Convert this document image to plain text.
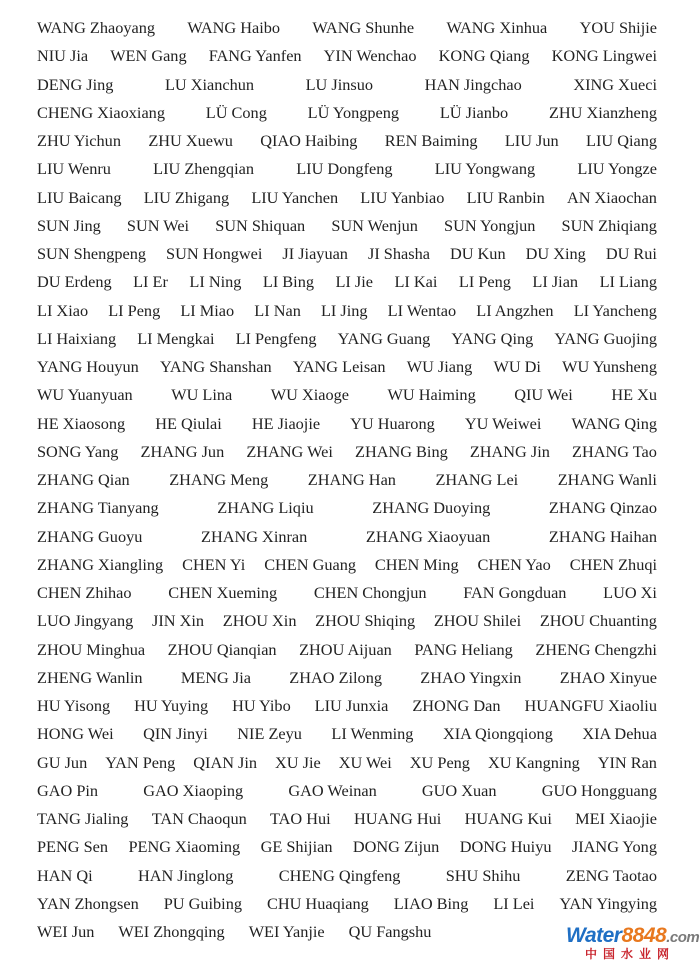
WANG Zhaoyang WANG Haibo WANG Shunhe WANG Xinhua YOU Shijie
NIU Jia WEN Gang FANG Yanfen YIN Wenchao KONG Qiang KONG Lingwei
DENG Jing	LU Xianchun	LU Jinsuo	HAN Jingchao	XING Xueci
CHENG Xiaoxiang	LÜ Cong	LÜ Yongpeng	LÜ Jianbo	ZHU Xianzheng
ZHU Yichun ZHU Xuewu QIAO Haibing REN Baiming LIU Jun LIU Qiang
LIU Wenru	LIU Zhengqian	LIU Dongfeng	LIU Yongwang	LIU Yongze
LIU Baicang LIU Zhigang LIU Yanchen LIU Yanbiao LIU Ranbin AN Xiaochan
SUN Jing SUN Wei SUN Shiquan SUN Wenjun SUN Yongjun SUN Zhiqiang
SUN Shengpeng SUN Hongwei JI Jiayuan JI Shasha DU Kun DU Xing DU Rui
DU Erdeng LI Er LI Ning LI Bing LI Jie LI Kai LI Peng LI Jian LI Liang
LI Xiao LI Peng LI Miao LI Nan LI Jing LI Wentao LI Angzhen LI Yancheng
LI Haixiang LI Mengkai LI Pengfeng YANG Guang YANG Qing YANG Guojing
YANG Houyun YANG Shanshan YANG Leisan WU Jiang WU Di WU Yunsheng
WU Yuanyuan WU Lina WU Xiaoge WU Haiming QIU Wei HE Xu
HE Xiaosong HE Qiulai HE Jiaojie YU Huarong YU Weiwei WANG Qing
SONG Yang ZHANG Jun ZHANG Wei ZHANG Bing ZHANG Jin ZHANG Tao
ZHANG Qian ZHANG Meng ZHANG Han ZHANG Lei ZHANG Wanli
ZHANG Tianyang	ZHANG Liqiu	ZHANG Duoying	ZHANG Qinzao
ZHANG Guoyu	ZHANG Xinran	ZHANG Xiaoyuan	ZHANG Haihan
ZHANG Xiangling CHEN Yi CHEN Guang CHEN Ming CHEN Yao CHEN Zhuqi
CHEN Zhihao CHEN Xueming CHEN Chongjun FAN Gongduan LUO Xi
LUO Jingyang JIN Xin ZHOU Xin ZHOU Shiqing ZHOU Shilei ZHOU Chuanting
ZHOU Minghua ZHOU Qianqian ZHOU Aijuan PANG Heliang ZHENG Chengzhi
ZHENG Wanlin MENG Jia ZHAO Zilong ZHAO Yingxin ZHAO Xinyue
HU Yisong HU Yuying HU Yibo LIU Junxia ZHONG Dan HUANGFU Xiaoliu
HONG Wei QIN Jinyi NIE Zeyu LI Wenming XIA Qiongqiong XIA Dehua
GU Jun YAN Peng QIAN Jin XU Jie XU Wei XU Peng XU Kangning YIN Ran
GAO Pin	GAO Xiaoping	GAO Weinan	GUO Xuan	GUO Hongguang
TANG Jialing TAN Chaoqun TAO Hui HUANG Hui HUANG Kui MEI Xiaojie
PENG Sen PENG Xiaoming GE Shijian DONG Zijun DONG Huiyu JIANG Yong
HAN Qi	HAN Jinglong	CHENG Qingfeng	SHU Shihu	ZENG Taotao
YAN Zhongsen PU Guibing CHU Huaqiang LIAO Bing LI Lei YAN Yingying
WEI Jun WEI Zhongqing WEI Yanjie QU Fangshu	Water8848.com
中国水业网
